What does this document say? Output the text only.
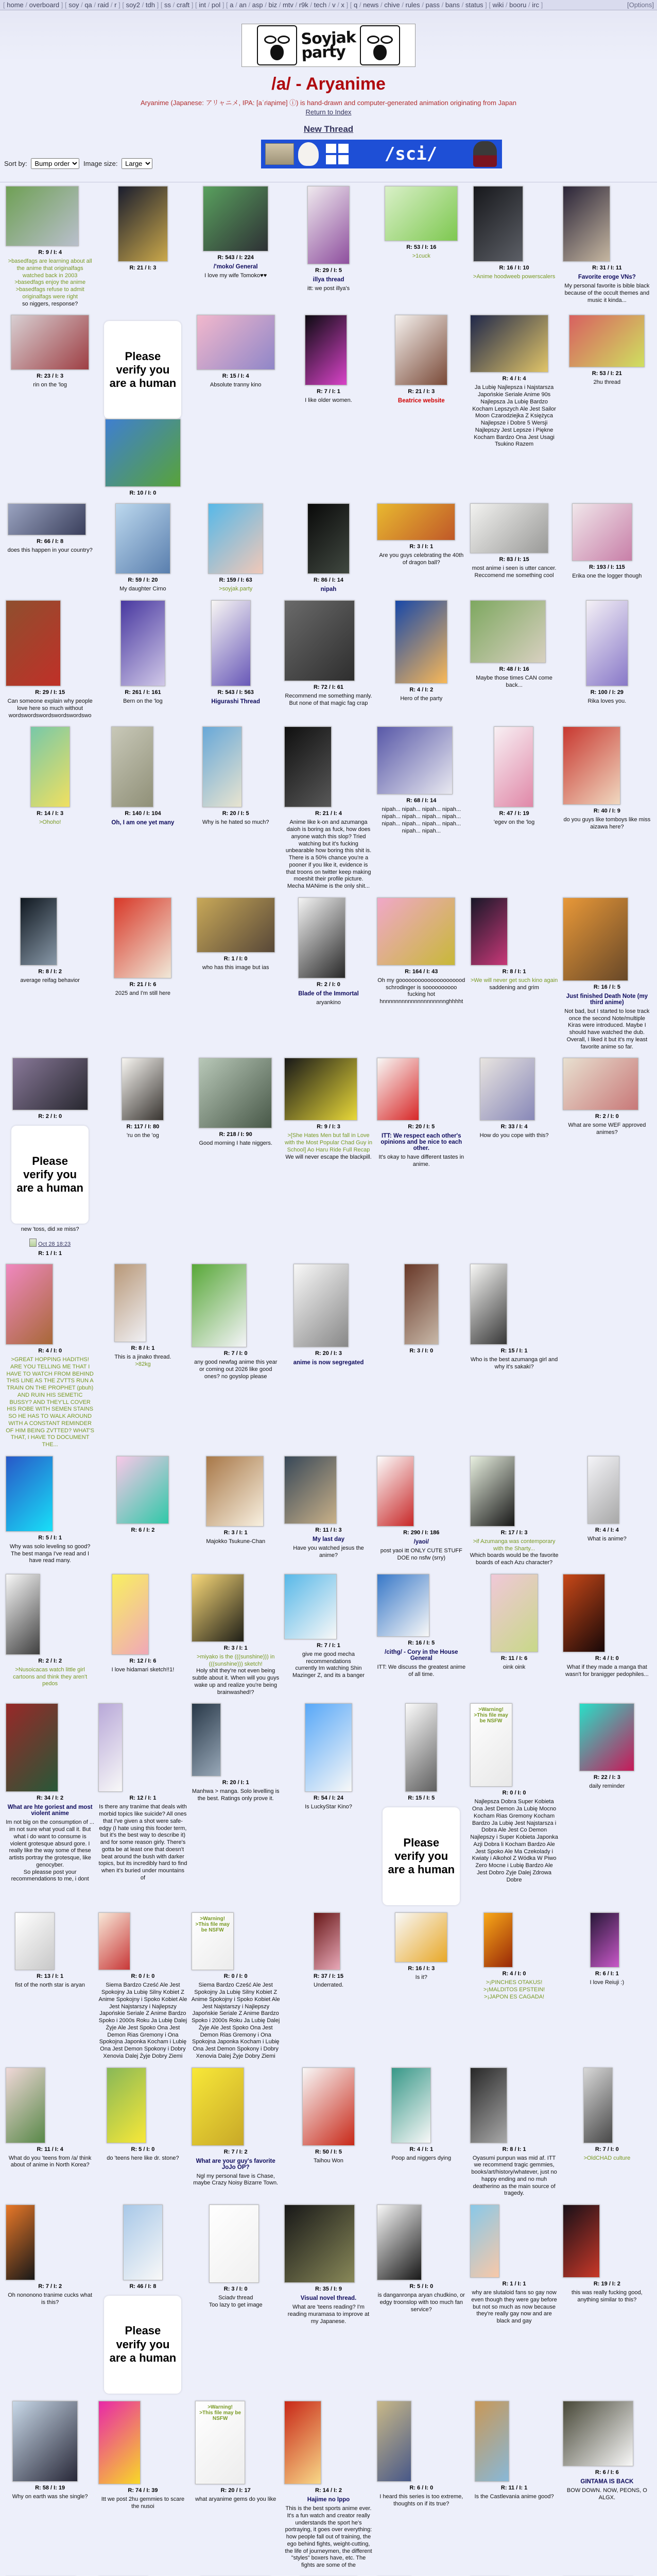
[ home / overboard ] [ soy / qa / raid / r ] [ soy2 / tdh ] [ ss / craft ] [ int / pol ] [ a / an / asp / biz / mtv / r9k / tech / v / x ] [ q / news / chive / rules / pass / bans / status ] [ wiki / booru / irc ]	[Options]
Soyjak
party
/a/ - Aryanime
Aryanime (Japanese: アリャニメ, IPA: [aˈɾʲaɲime] ⓘ) is hand-drawn and computer-generated animation originating from Japan
Return to Index
New Thread
/sci/
Sort by:
Bump order	Image size:
Large
R: 9 / I: 4
>basedfags are learning about all the anime that originalfags watched back in 2003
>basedfags enjoy the anime
>basedfags refuse to admit originalfags were right
so niggers, response?
R: 21 / I: 3
R: 543 / I: 224
/'moko/ General
I love my wife Tomoko♥♥
R: 29 / I: 5
illya thread
itt: we post illya's
R: 53 / I: 16
>1cuck
R: 16 / I: 10
>Anime hoodweeb powerscalers
R: 31 / I: 11
Favorite eroge VNs?
My personal favorite is bible black because of the occult themes and music it kinda...
R: 23 / I: 3
rin on the 'log
Please verify you are a human
R: 10 / I: 0
R: 15 / I: 4
Absolute tranny kino
R: 7 / I: 1
I like older women.
R: 21 / I: 3
Beatrice website
R: 4 / I: 4
Ja Lubię Najlepsza i Najstarsza Japońskie Seriale Anime 90s Najlepsza Ja Lubię Bardzo Kocham Lepszych Ale Jest Sailor Moon Czarodziejka Z Księżyca Najlepsze i Dobre 5 Wersji Najlepszy Jest Lepsze i Piękne Kocham Bardzo Ona Jest Usagi Tsukino Razem
R: 53 / I: 21
2hu thread
R: 66 / I: 8
does this happen in your country?
R: 59 / I: 20
My daughter Cirno
R: 159 / I: 63
>soyjak.party
R: 86 / I: 14
nipah
R: 3 / I: 1
Are you guys celebrating the 40th of dragon ball?	R: 83 / I: 15
most anime i seen is utter cancer. Reccomend me something cool
R: 193 / I: 115
Erika one the logger though
R: 29 / I: 15
Can someone explain why people love here so much without wordswordswordswordswordswo
R: 261 / I: 161
Bern on the 'log
R: 543 / I: 563
Higurashi Thread
R: 72 / I: 61
Recommend me something manly. But none of that magic fag crap
R: 4 / I: 2
Hero of the party
R: 48 / I: 16
Maybe those times CAN come back...
R: 100 / I: 29
Rika loves you.
R: 14 / I: 3
>Ohoho!
R: 140 / I: 104
Oh, I am one yet many
R: 20 / I: 5
Why is he hated so much?
R: 21 / I: 4
Anime like k-on and azumanga daioh is boring as fuck, how does anyone watch this slop? Tried watching but it's fucking unbearable how boring this shit is.
There is a 50% chance you're a pooner if you like it, evidence is that troons on twitter keep making moeshit their profile picture.
Mecha MANime is the only shit...
R: 68 / I: 14
nipah... nipah... nipah... nipah... nipah... nipah... nipah... nipah... nipah... nipah... nipah... nipah... nipah... nipah...
R: 47 / I: 19
'egev on the 'log
R: 40 / I: 9
do you guys like tomboys like miss aizawa here?
R: 8 / I: 2
average reifag behavior
R: 21 / I: 6
2025 and I'm still here
R: 1 / I: 0
who has this image but ias
R: 2 / I: 0
Blade of the Immortal
aryankino
R: 164 / I: 43
Oh my gooooooooooooooooooood schrodinger is soooooooooo fucking hot hnnnnnnnnnnnnnnnnnnnnghhhht
R: 8 / I: 1
>We will never get such kino again
saddening and grim	R: 16 / I: 5
Just finished Death Note (my third anime)
Not bad, but I started to lose track once the second Note/multiple Kiras were introduced. Maybe I should have watched the dub.
Overall, I liked it but it's my least favorite anime so far.
R: 2 / I: 0
Please verify you are a human
new 'toss, did xe miss?
Oct 28 18:23
R: 1 / I: 1
R: 117 / I: 80
'ru on the 'og	R: 218 / I: 90
Good morning I hate niggers.
R: 9 / I: 3
>[She Hates Men but fall in Love with the Most Popular Chad Guy in School] Ao Haru Ride Full Recap
We will never escape the blackpill.
R: 20 / I: 5
ITT: We respect each other's opinions and be nice to each other.
It's okay to have different tastes in anime.
R: 33 / I: 4
How do you cope with this?
R: 2 / I: 0
What are some WEF approved animes?
R: 4 / I: 0
>GREAT HOPPING HADITHS! ARE YOU TELLING ME THAT I HAVE TO WATCH FROM BEHIND THIS LINE AS THE ZVTTS RUN A TRAIN ON THE PROPHET (pbuh) AND RUIN HIS SEMETIC BUSSY? AND THEY'LL COVER HIS ROBE WITH SEMEN STAINS SO HE HAS TO WALK AROUND WITH A CONSTANT REMINDER OF HIM BEING ZVTTED? WHAT'S THAT, I HAVE TO DOCUMENT THE...
R: 8 / I: 1
This is a jinako thread.
>82kg
R: 7 / I: 0
any good newfag anime this year or coming out 2026 like good ones? no goyslop please
R: 20 / I: 3
anime is now segregated
R: 3 / I: 0	R: 15 / I: 1
Who is the best azumanga girl and why it's sakaki?
R: 5 / I: 1
Why was solo leveling so good? The best manga I've read and I have read many.
R: 6 / I: 2	R: 3 / I: 1
Majokko Tsukune-Chan
R: 11 / I: 3
My last day
Have you watched jesus the anime?
R: 290 / I: 186
/yaoi/
post yaoi itt ONLY CUTE STUFF DOE no nsfw (srry)
R: 17 / I: 3
>if Azumanga was contemporary with the Sharty...
Which boards would be the favorite boards of each Azu character?
R: 4 / I: 4
What is anime?
R: 2 / I: 2
>Nusoicacas watch little girl cartoons and think they aren't pedos
R: 12 / I: 6
I love hidamari sketch!!1!
R: 3 / I: 1
>miyako is the (((sunshine))) in (((sunshine))) sketch!
Holy shit they're not even being subtle about it. When will you guys wake up and realize you're being brainwashed!?
R: 7 / I: 1
give me good mecha recommendations
currently Im watching Shin Mazinger Z, and its a banger
R: 16 / I: 5
/cithg/ - Cory in the House General
ITT: We discuss the greatest anime of all time.
R: 11 / I: 6
oink oink
R: 4 / I: 0
What if they made a manga that wasn't for branigger pedophiles...
R: 34 / I: 2
What are hte goriest and most violent anime
Im not big on the consumption of ... im not sure what youd call it. But what i do want to consume is violent grotesque absurd gore. I really like the way some of these artists portray the grotesque, like genocyber.
So pleasse post your recommendations to me, i dont
R: 12 / I: 1
Is there any tranime that deals with morbid topics like suicide? All ones that I've given a shot were safe-edgy (I hate using this fooder term, but it's the best way to describe it) and for some reason girly. There's gotta be at least one that doesn't beat around the bush with darker topics, but its incredibly hard to find when it's buried under mountains of
R: 20 / I: 1
Manhwa > manga. Solo levelling is the best. Ratings only prove it.	R: 54 / I: 24
Is LuckyStar Kino?
R: 15 / I: 5
Please verify you are a human
>Warning!
>This file may be NSFW
R: 0 / I: 0
Najlepsza Dobra Super Kobieta Ona Jest Demon Ja Lubię Mocno Kocham Rias Gremony Kocham Bardzo Ja Lubię Jest Najstarsza i Dobra Ale Jest Co Demon Najlepszy i Super Kobieta Japonka Azji Dobra li Kocham Bardzo Ale Jest Spoko Ale Ma Czekolady i Kwiaty i Alkohol Z Wódka W Piwo Zero Mocne i Lubię Bardzo Ale Jest Dobro Zyje Dalej Zdrowa Dobre
R: 22 / I: 3
daily reminder
R: 13 / I: 1
fist of the north star is aryan
R: 0 / I: 0
Siema Bardzo Cześć Ale Jest Spokojny Ja Lubię Silny Kobiet Z Anime Spokojny i Spoko Kobiet Ale Jest Najstarszy i Najlepszy Japońskie Seriale Z Anime Bardzo Spoko i 2000s Roku Ja Lubię Dalej Żyje Ale Jest Spoko Ona Jest Demon Rias Gremony i Ona Spokojna Japonka Kocham i Lubię Ona Jest Demon Spokony i Dobry Xenovia Dalej Żyje Dobry Ziemi
>Warning!
>This file may be NSFW
R: 0 / I: 0
Siema Bardzo Cześć Ale Jest Spokojny Ja Lubię Silny Kobiet Z Anime Spokojny i Spoko Kobiet Ale Jest Najstarszy i Najlepszy Japońskie Seriale Z Anime Bardzo Spoko i 2000s Roku Ja Lubię Dalej Żyje Ale Jest Spoko Ona Jest Demon Rias Gremony i Ona Spokojna Japonka Kocham i Lubię Ona Jest Demon Spokony i Dobry Xenovia Dalej Żyje Dobry Ziemi
R: 37 / I: 15
Underrated.
R: 16 / I: 3
Is it?
R: 4 / I: 0
>¡PINCHES OTAKUS!
>¡MALDITOS EPSTEIN!
>¡JAPON ES CAGADA!
R: 6 / I: 1
I love Reiuji :)
R: 11 / I: 4
What do you 'teens from /a/ think about of anime in North Korea?
R: 5 / I: 0
do 'teens here like dr. stone?
R: 7 / I: 2
What are your guy's favorite JoJo OP?
Ngl my personal fave is Chase, maybe Crazy Noisy Bizarre Town.
R: 50 / I: 5
Taihou Won
R: 4 / I: 1
Poop and niggers dying
R: 8 / I: 1
Oyasumi punpun was mid af. ITT we recommend tragic gemmies, books/art/history/whatever, just no happy ending and no muh deatherino as the main source of tragedy.
R: 7 / I: 0
>OldCHAD culture
R: 7 / I: 2
Oh nononono tranime cucks what is this?
R: 46 / I: 8
Please verify you are a human
R: 3 / I: 0
Sciadv thread
Too lazy to get image
R: 35 / I: 9
Visual novel thread.
What are 'teens reading? I'm reading muramasa to improve at my Japanese.
R: 5 / I: 0
is danganronpa aryan chudkino, or edgy troonslop with too much fan service?
R: 1 / I: 1
why are slutaloid fans so gay now even though they were gay before but not so much as now because they're really gay now and are black and gay
R: 19 / I: 2
this was really fucking good, anything similar to this?
R: 58 / I: 19
Why on earth was she single?
R: 74 / I: 39
Itt we post 2hu gemmies to scare the nusoi
>Warning!
>This file may be NSFW
R: 20 / I: 17
what aryanime gems do you like
R: 14 / I: 2
Hajime no Ippo
This is the best sports anime ever. It's a fun watch and creator really understands the sport he's portraying, it goes over everything: how people fall out of training, the ego behind fights, weight-cutting, the life of journeymen, the different "styles" boxers have, etc. The fights are some of the
R: 6 / I: 0
I heard this series is too extreme, thoughts on if its true?
R: 11 / I: 1
Is the Castlevania anime good?
R: 6 / I: 6
GINTAMA IS BACK
BOW DOWN. NOW, PEONS, O ALGX.
